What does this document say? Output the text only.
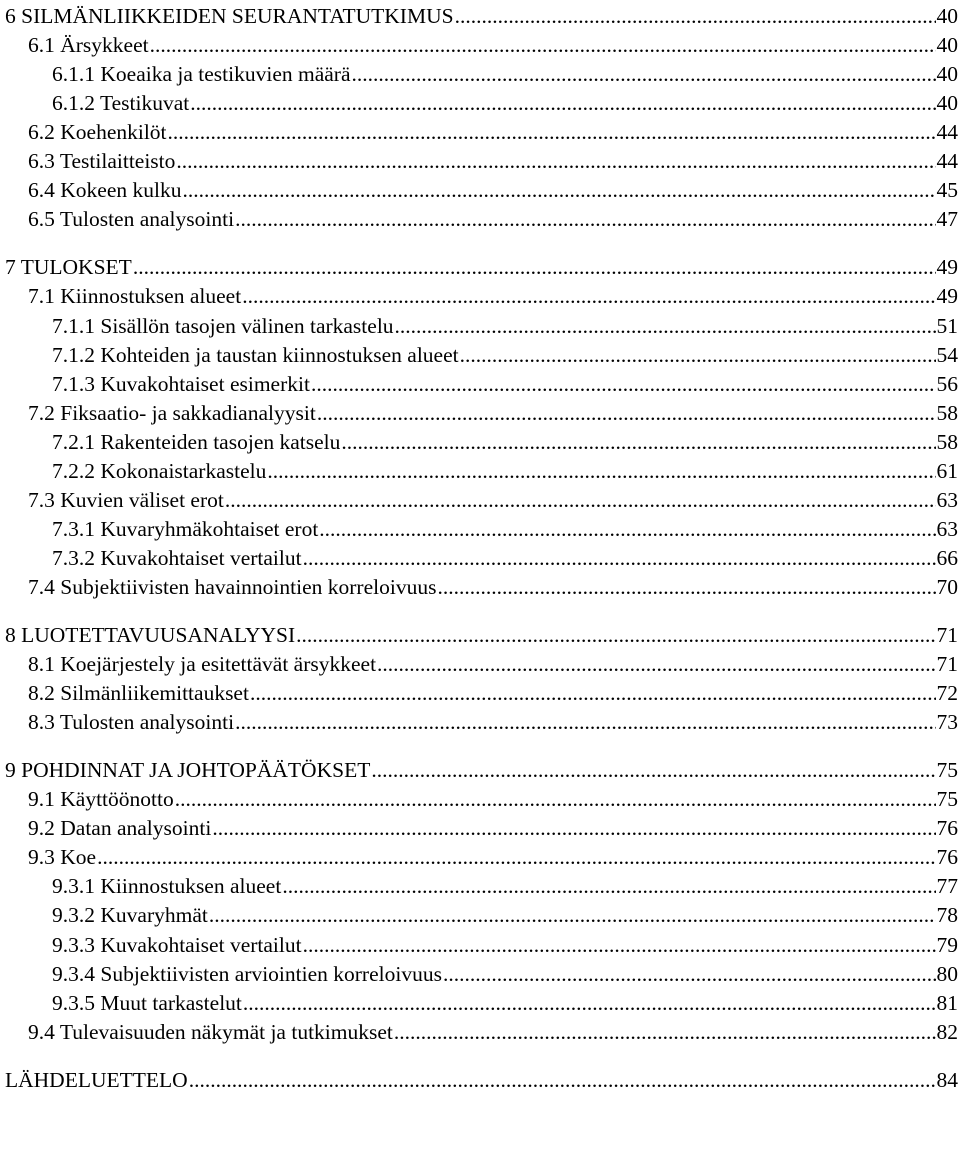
6 SILMÄNLIIKKEIDEN SEURANTATUTKIMUS .....	40
6.1 Ärsykkeet .....	40
6.1.1 Koeaika ja testikuvien määrä .....	40
6.1.2 Testikuvat .....	40
6.2 Koehenkilöt .....	44
6.3 Testilaitteisto .....	44
6.4 Kokeen kulku .....	45
6.5 Tulosten analysointi .....	47
7 TULOKSET .....	49
7.1 Kiinnostuksen alueet .....	49
7.1.1 Sisällön tasojen välinen tarkastelu .....	51
7.1.2 Kohteiden ja taustan kiinnostuksen alueet .....	54
7.1.3 Kuvakohtaiset esimerkit .....	56
7.2 Fiksaatio- ja sakkadianalyysit .....	58
7.2.1 Rakenteiden tasojen katselu .....	58
7.2.2 Kokonaistarkastelu .....	61
7.3 Kuvien väliset erot .....	63
7.3.1 Kuvaryhmäkohtaiset erot .....	63
7.3.2 Kuvakohtaiset vertailut .....	66
7.4 Subjektiivisten havainnointien korreloivuus .....	70
8 LUOTETTAVUUSANALYYSI .....	71
8.1 Koejärjestely ja esitettävät ärsykkeet .....	71
8.2 Silmänliikemittaukset .....	72
8.3 Tulosten analysointi .....	73
9 POHDINNAT JA JOHTOPÄÄTÖKSET .....	75
9.1 Käyttöönotto .....	75
9.2 Datan analysointi .....	76
9.3 Koe .....	76
9.3.1 Kiinnostuksen alueet .....	77
9.3.2 Kuvaryhmät .....	78
9.3.3 Kuvakohtaiset vertailut .....	79
9.3.4 Subjektiivisten arviointien korreloivuus .....	80
9.3.5 Muut tarkastelut .....	81
9.4 Tulevaisuuden näkymät ja tutkimukset .....	82
LÄHDELUETTELO .....	84
